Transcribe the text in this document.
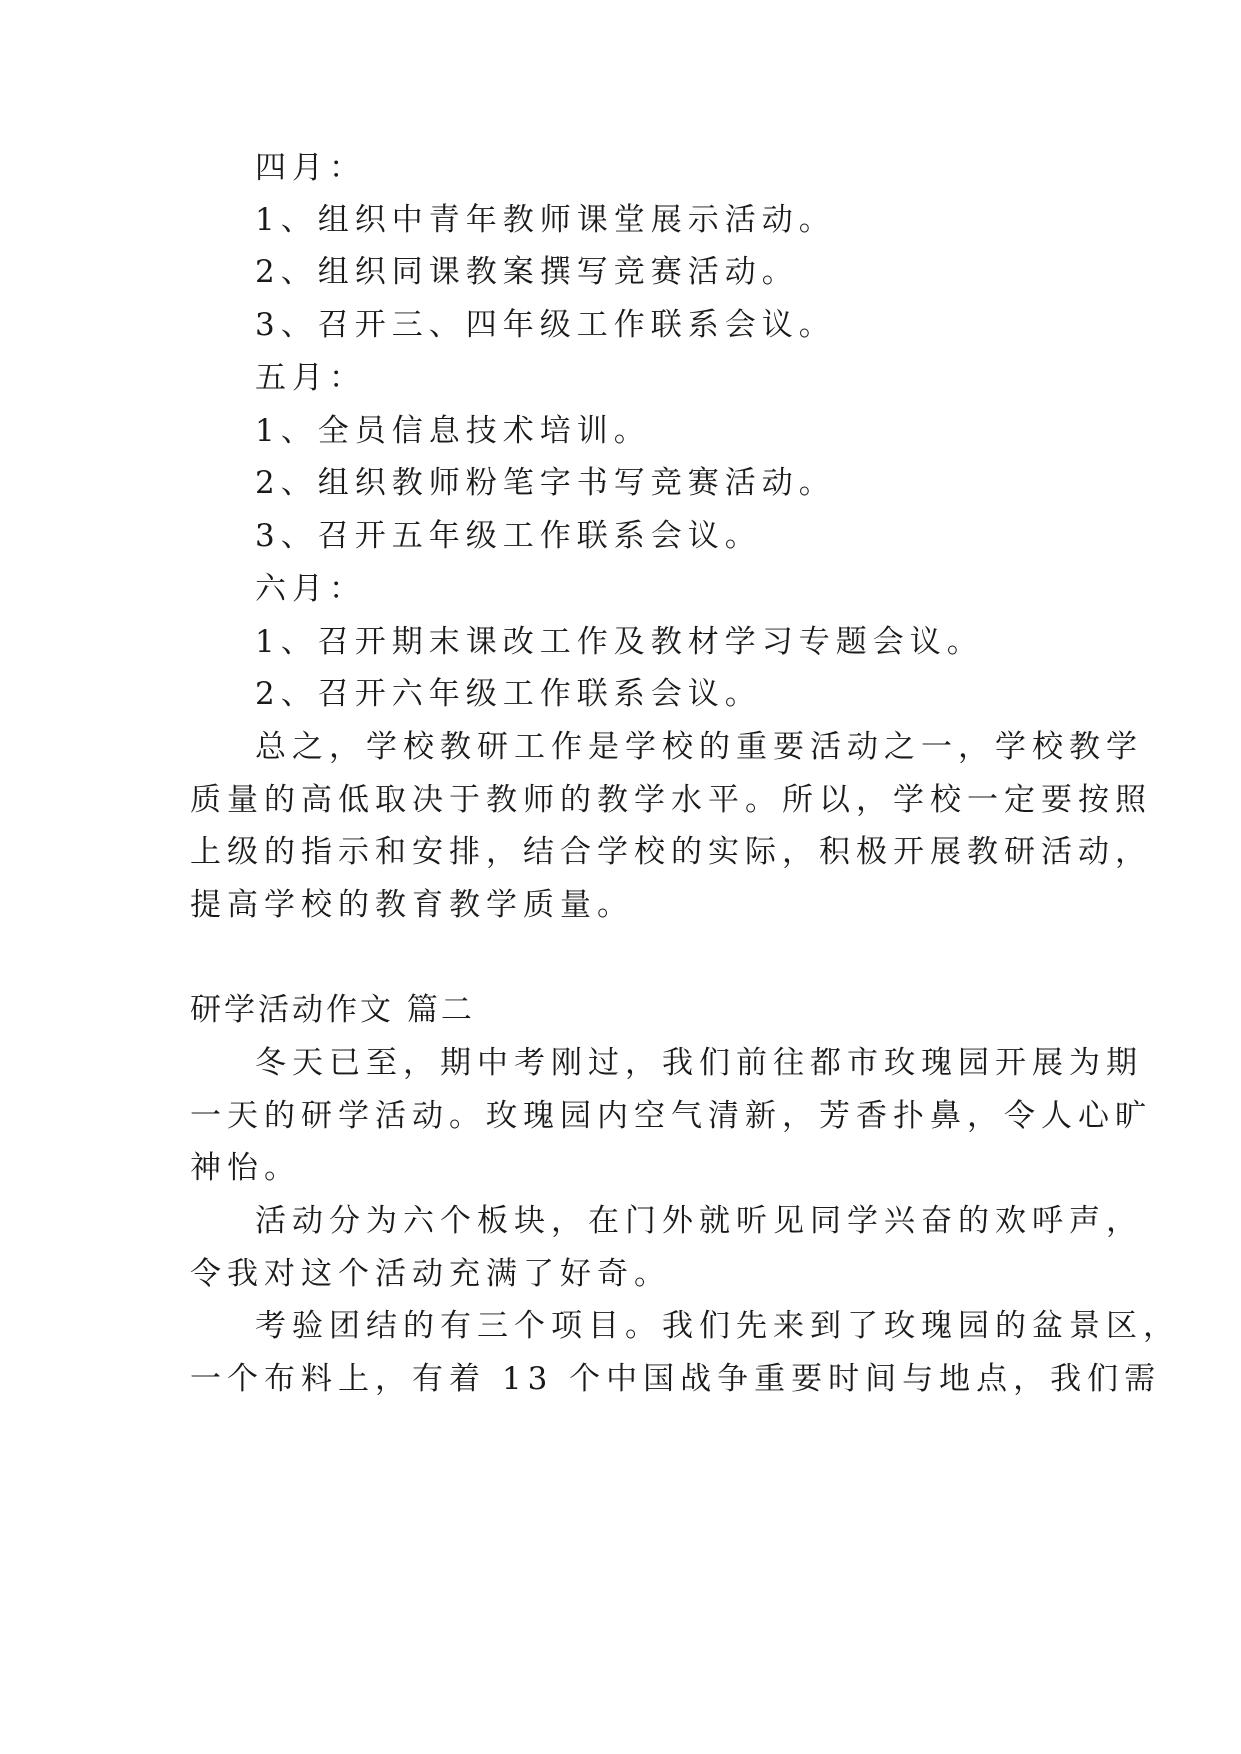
四月：
1、组织中青年教师课堂展示活动。
2、组织同课教案撰写竞赛活动。
3、召开三、四年级工作联系会议。
五月：
1、全员信息技术培训。
2、组织教师粉笔字书写竞赛活动。
3、召开五年级工作联系会议。
六月：
1、召开期末课改工作及教材学习专题会议。
2、召开六年级工作联系会议。
总之，学校教研工作是学校的重要活动之一，学校教学
质量的高低取决于教师的教学水平。所以，学校一定要按照
上级的指示和安排，结合学校的实际，积极开展教研活动，
提高学校的教育教学质量。
研学活动作文 篇二
冬天已至，期中考刚过，我们前往都市玫瑰园开展为期
一天的研学活动。玫瑰园内空气清新，芳香扑鼻，令人心旷
神怡。
活动分为六个板块，在门外就听见同学兴奋的欢呼声，
令我对这个活动充满了好奇。
考验团结的有三个项目。我们先来到了玫瑰园的盆景区，
一个布料上，有着 13 个中国战争重要时间与地点，我们需
